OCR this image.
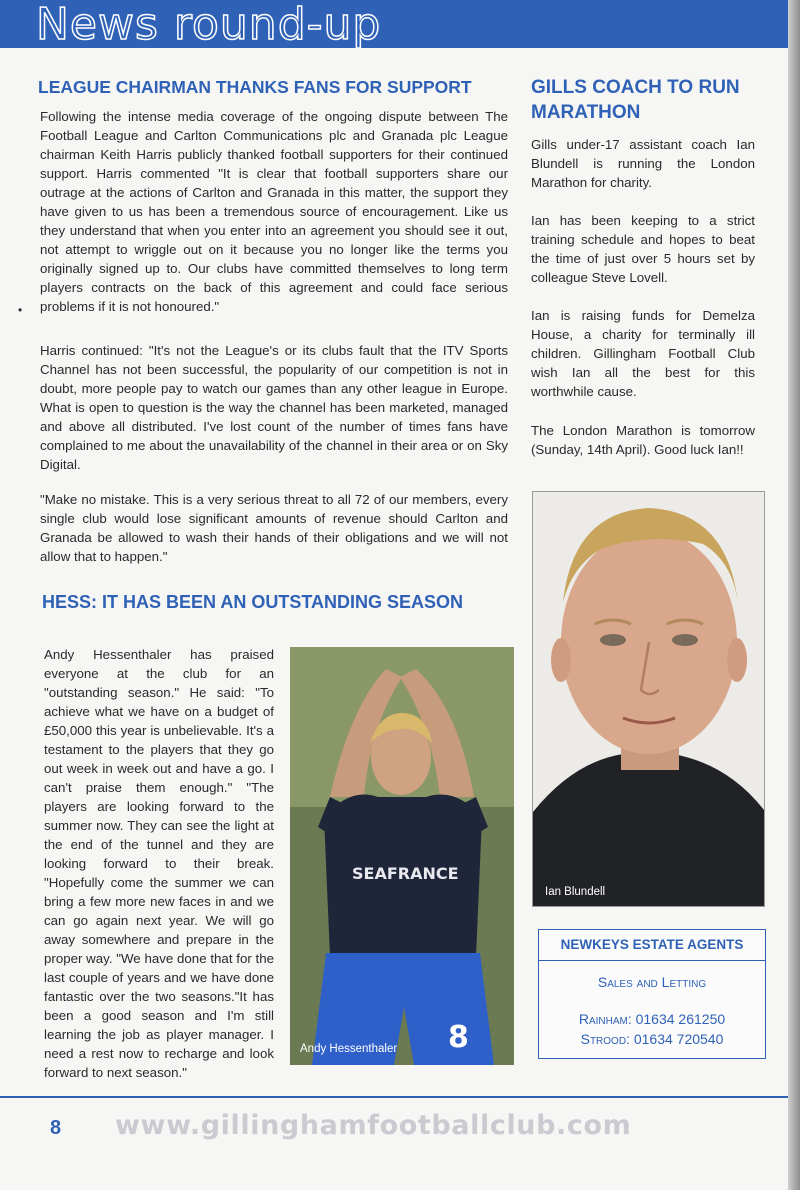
News round-up
LEAGUE CHAIRMAN THANKS FANS FOR SUPPORT

Following the intense media coverage of the ongoing dispute between The Football League and Carlton Communications plc and Granada plc League chairman Keith Harris publicly thanked football supporters for their continued support. Harris commented "It is clear that football supporters share our outrage at the actions of Carlton and Granada in this matter, the support they have given to us has been a tremendous source of encouragement. Like us they understand that when you enter into an agreement you should see it out, not attempt to wriggle out on it because you no longer like the terms you originally signed up to. Our clubs have committed themselves to long term players contracts on the back of this agreement and could face serious problems if it is not honoured."

•

Harris continued: "It's not the League's or its clubs fault that the ITV Sports Channel has not been successful, the popularity of our competition is not in doubt, more people pay to watch our games than any other league in Europe. What is open to question is the way the channel has been marketed, managed and above all distributed. I've lost count of the number of times fans have complained to me about the unavailability of the channel in their area or on Sky Digital.

"Make no mistake. This is a very serious threat to all 72 of our members, every single club would lose significant amounts of revenue should Carlton and Granada be allowed to wash their hands of their obligations and we will not allow that to happen."

GILLS COACH TO RUN MARATHON

Gills under-17 assistant coach Ian Blundell is running the London Marathon for charity.

Ian has been keeping to a strict training schedule and hopes to beat the time of just over 5 hours set by colleague Steve Lovell.

Ian is raising funds for Demelza House, a charity for terminally ill children. Gillingham Football Club wish Ian all the best for this worthwhile cause.

The London Marathon is tomorrow (Sunday, 14th April). Good luck Ian!!

Ian Blundell
HESS: IT HAS BEEN AN OUTSTANDING SEASON

Andy Hessenthaler has praised everyone at the club for an "outstanding season." He said: "To achieve what we have on a budget of £50,000 this year is unbelievable. It's a testament to the players that they go out week in week out and have a go. I can't praise them enough." "The players are looking forward to the summer now. They can see the light at the end of the tunnel and they are looking forward to their break. "Hopefully come the summer we can bring a few more new faces in and we can go again next year. We will go away somewhere and prepare in the proper way. "We have done that for the last couple of years and we have done fantastic over the two seasons."It has been a good season and I'm still learning the job as player manager. I need a rest now to recharge and look forward to next season."

SEAFRANCE
8
Andy Hessenthaler
NEWKEYS ESTATE AGENTS
Sales and Letting
Rainham: 01634 261250
Strood: 01634 720540
8 www.gillinghamfootballclub.com
